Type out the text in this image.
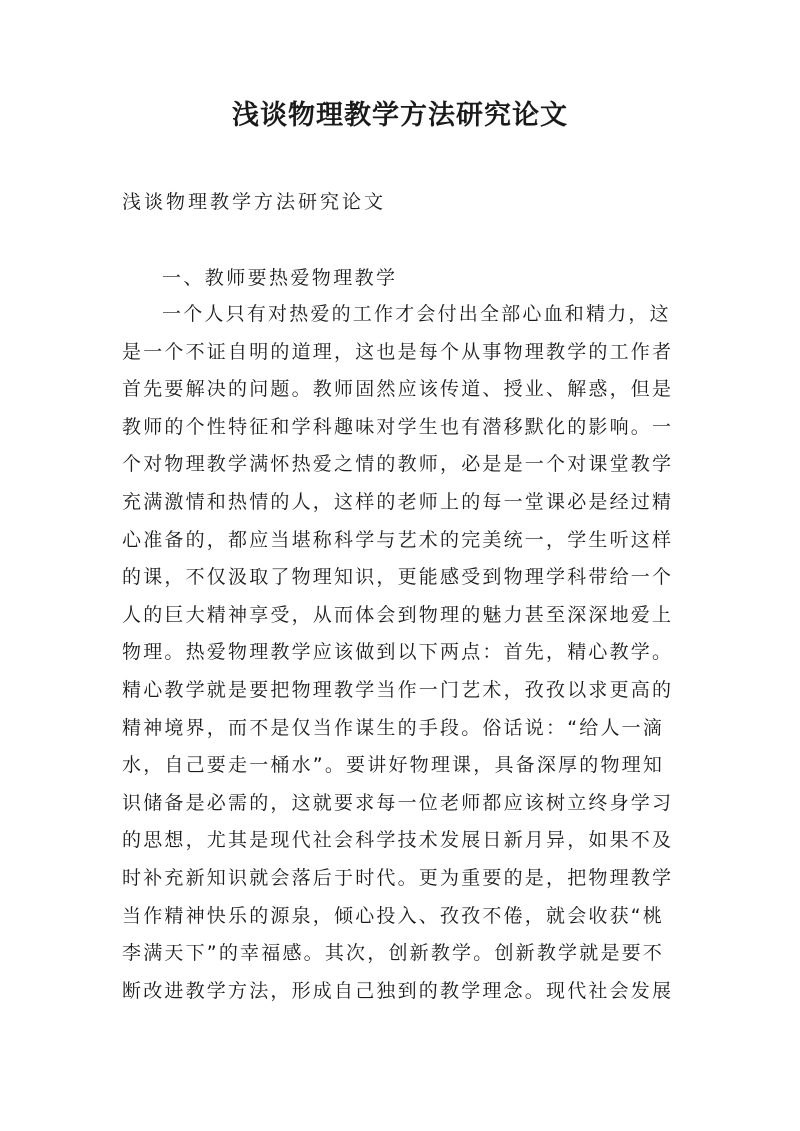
浅谈物理教学方法研究论文
浅谈物理教学方法研究论文
一、教师要热爱物理教学
一个人只有对热爱的工作才会付出全部心血和精力，这
是一个不证自明的道理，这也是每个从事物理教学的工作者
首先要解决的问题。教师固然应该传道、授业、解惑，但是
教师的个性特征和学科趣味对学生也有潜移默化的影响。一
个对物理教学满怀热爱之情的教师，必是是一个对课堂教学
充满激情和热情的人，这样的老师上的每一堂课必是经过精
心准备的，都应当堪称科学与艺术的完美统一，学生听这样
的课，不仅汲取了物理知识，更能感受到物理学科带给一个
人的巨大精神享受，从而体会到物理的魅力甚至深深地爱上
物理。热爱物理教学应该做到以下两点：首先，精心教学。
精心教学就是要把物理教学当作一门艺术，孜孜以求更高的
精神境界，而不是仅当作谋生的手段。俗话说：“给人一滴
水，自己要走一桶水”。要讲好物理课，具备深厚的物理知
识储备是必需的，这就要求每一位老师都应该树立终身学习
的思想，尤其是现代社会科学技术发展日新月异，如果不及
时补充新知识就会落后于时代。更为重要的是，把物理教学
当作精神快乐的源泉，倾心投入、孜孜不倦，就会收获“桃
李满天下”的幸福感。其次，创新教学。创新教学就是要不
断改进教学方法，形成自己独到的教学理念。现代社会发展
